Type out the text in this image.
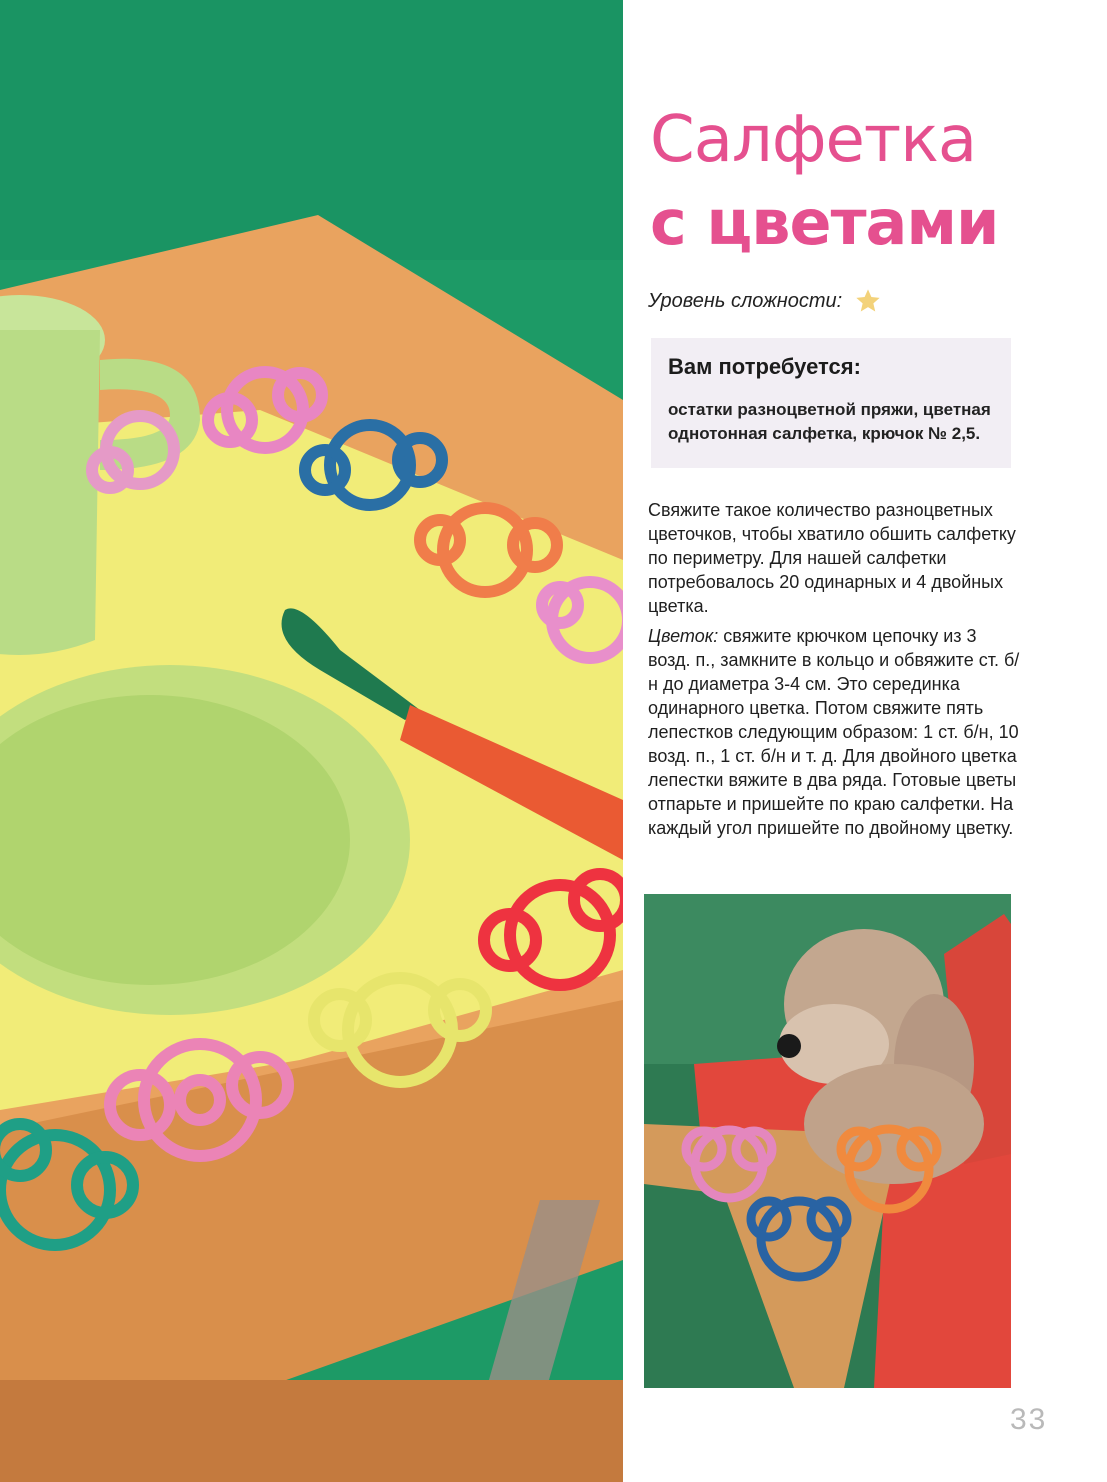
Салфетка
с цветами
Уровень сложности:
Вам потребуется:
остатки разноцветной пряжи, цветная однотонная салфетка, крючок № 2,5.

Свяжите такое количество разноцветных цветочков, чтобы хватило обшить салфетку по периметру. Для нашей салфетки потребовалось 20 одинарных и 4 двойных цветка.

Цветок: свяжите крючком цепочку из 3 возд. п., замкните в кольцо и обвяжите ст. б/н до диаметра 3-4 см. Это серединка одинарного цветка. Потом свяжите пять лепестков следующим образом: 1 ст. б/н, 10 возд. п., 1 ст. б/н и т. д. Для двойного цветка лепестки вяжите в два ряда. Готовые цветы отпарьте и пришейте по краю салфетки. На каждый угол пришейте по двойному цветку.

33
